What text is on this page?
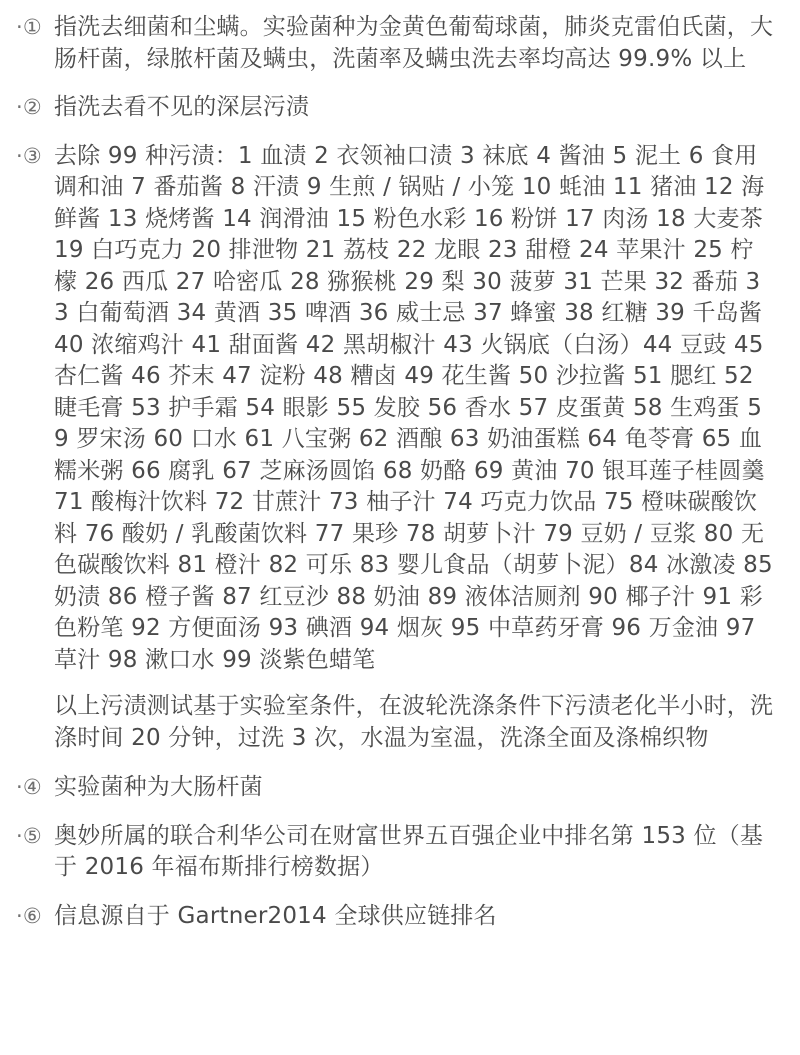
·① 指洗去细菌和尘螨。实验菌种为金黄色葡萄球菌，肺炎克雷伯氏菌，大肠杆菌，绿脓杆菌及螨虫，洗菌率及螨虫洗去率均高达 99.9% 以上
·② 指洗去看不见的深层污渍
·③ 去除 99 种污渍：1 血渍 2 衣领袖口渍 3 袜底 4 酱油 5 泥土 6 食用调和油 7 番茄酱 8 汗渍 9 生煎 / 锅贴 / 小笼 10 蚝油 11 猪油 12 海鲜酱 13 烧烤酱 14 润滑油 15 粉色水彩 16 粉饼 17 肉汤 18 大麦茶 19 白巧克力 20 排泄物 21 荔枝 22 龙眼 23 甜橙 24 苹果汁 25 柠檬 26 西瓜 27 哈密瓜 28 猕猴桃 29 梨 30 菠萝 31 芒果 32 番茄 33 白葡萄酒 34 黄酒 35 啤酒 36 威士忌 37 蜂蜜 38 红糖 39 千岛酱 40 浓缩鸡汁 41 甜面酱 42 黑胡椒汁 43 火锅底（白汤）44 豆豉 45 杏仁酱 46 芥末 47 淀粉 48 糟卤 49 花生酱 50 沙拉酱 51 腮红 52 睫毛膏 53 护手霜 54 眼影 55 发胶 56 香水 57 皮蛋黄 58 生鸡蛋 59 罗宋汤 60 口水 61 八宝粥 62 酒酿 63 奶油蛋糕 64 龟苓膏 65 血糯米粥 66 腐乳 67 芝麻汤圆馅 68 奶酪 69 黄油 70 银耳莲子桂圆羹 71 酸梅汁饮料 72 甘蔗汁 73 柚子汁 74 巧克力饮品 75 橙味碳酸饮料 76 酸奶 / 乳酸菌饮料 77 果珍 78 胡萝卜汁 79 豆奶 / 豆浆 80 无色碳酸饮料 81 橙汁 82 可乐 83 婴儿食品（胡萝卜泥）84 冰激凌 85 奶渍 86 橙子酱 87 红豆沙 88 奶油 89 液体洁厕剂 90 椰子汁 91 彩色粉笔 92 方便面汤 93 碘酒 94 烟灰 95 中草药牙膏 96 万金油 97 草汁 98 漱口水 99 淡紫色蜡笔
以上污渍测试基于实验室条件，在波轮洗涤条件下污渍老化半小时，洗涤时间 20 分钟，过洗 3 次，水温为室温，洗涤全面及涤棉织物
·④ 实验菌种为大肠杆菌
·⑤ 奥妙所属的联合利华公司在财富世界五百强企业中排名第 153 位（基于 2016 年福布斯排行榜数据）
·⑥ 信息源自于 Gartner2014 全球供应链排名
